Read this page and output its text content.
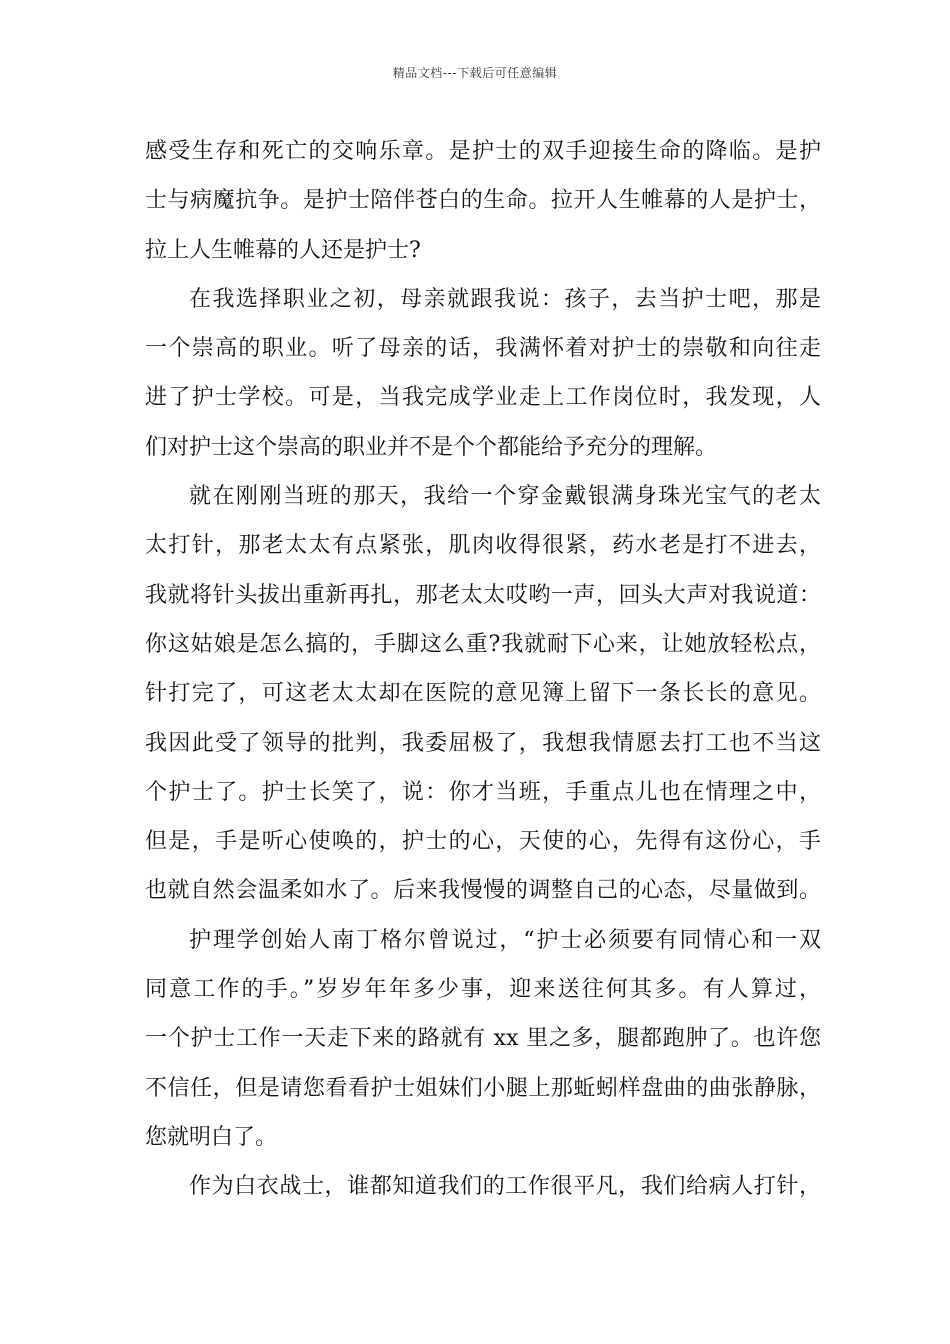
精品文档---下载后可任意编辑
感受生存和死亡的交响乐章。是护士的双手迎接生命的降临。是护
士与病魔抗争。是护士陪伴苍白的生命。拉开人生帷幕的人是护士，
拉上人生帷幕的人还是护士?
在我选择职业之初，母亲就跟我说：孩子，去当护士吧，那是
一个崇高的职业。听了母亲的话，我满怀着对护士的崇敬和向往走
进了护士学校。可是，当我完成学业走上工作岗位时，我发现，人
们对护士这个崇高的职业并不是个个都能给予充分的理解。
就在刚刚当班的那天，我给一个穿金戴银满身珠光宝气的老太
太打针，那老太太有点紧张，肌肉收得很紧，药水老是打不进去，
我就将针头拔出重新再扎，那老太太哎哟一声，回头大声对我说道：
你这姑娘是怎么搞的，手脚这么重?我就耐下心来，让她放轻松点，
针打完了，可这老太太却在医院的意见簿上留下一条长长的意见。
我因此受了领导的批判，我委屈极了，我想我情愿去打工也不当这
个护士了。护士长笑了，说：你才当班，手重点儿也在情理之中，
但是，手是听心使唤的，护士的心，天使的心，先得有这份心，手
也就自然会温柔如水了。后来我慢慢的调整自己的心态，尽量做到。
护理学创始人南丁格尔曾说过，“护士必须要有同情心和一双
同意工作的手。”岁岁年年多少事，迎来送往何其多。有人算过，
一个护士工作一天走下来的路就有 xx 里之多，腿都跑肿了。也许您
不信任，但是请您看看护士姐妹们小腿上那蚯蚓样盘曲的曲张静脉，
您就明白了。
作为白衣战士，谁都知道我们的工作很平凡，我们给病人打针，
